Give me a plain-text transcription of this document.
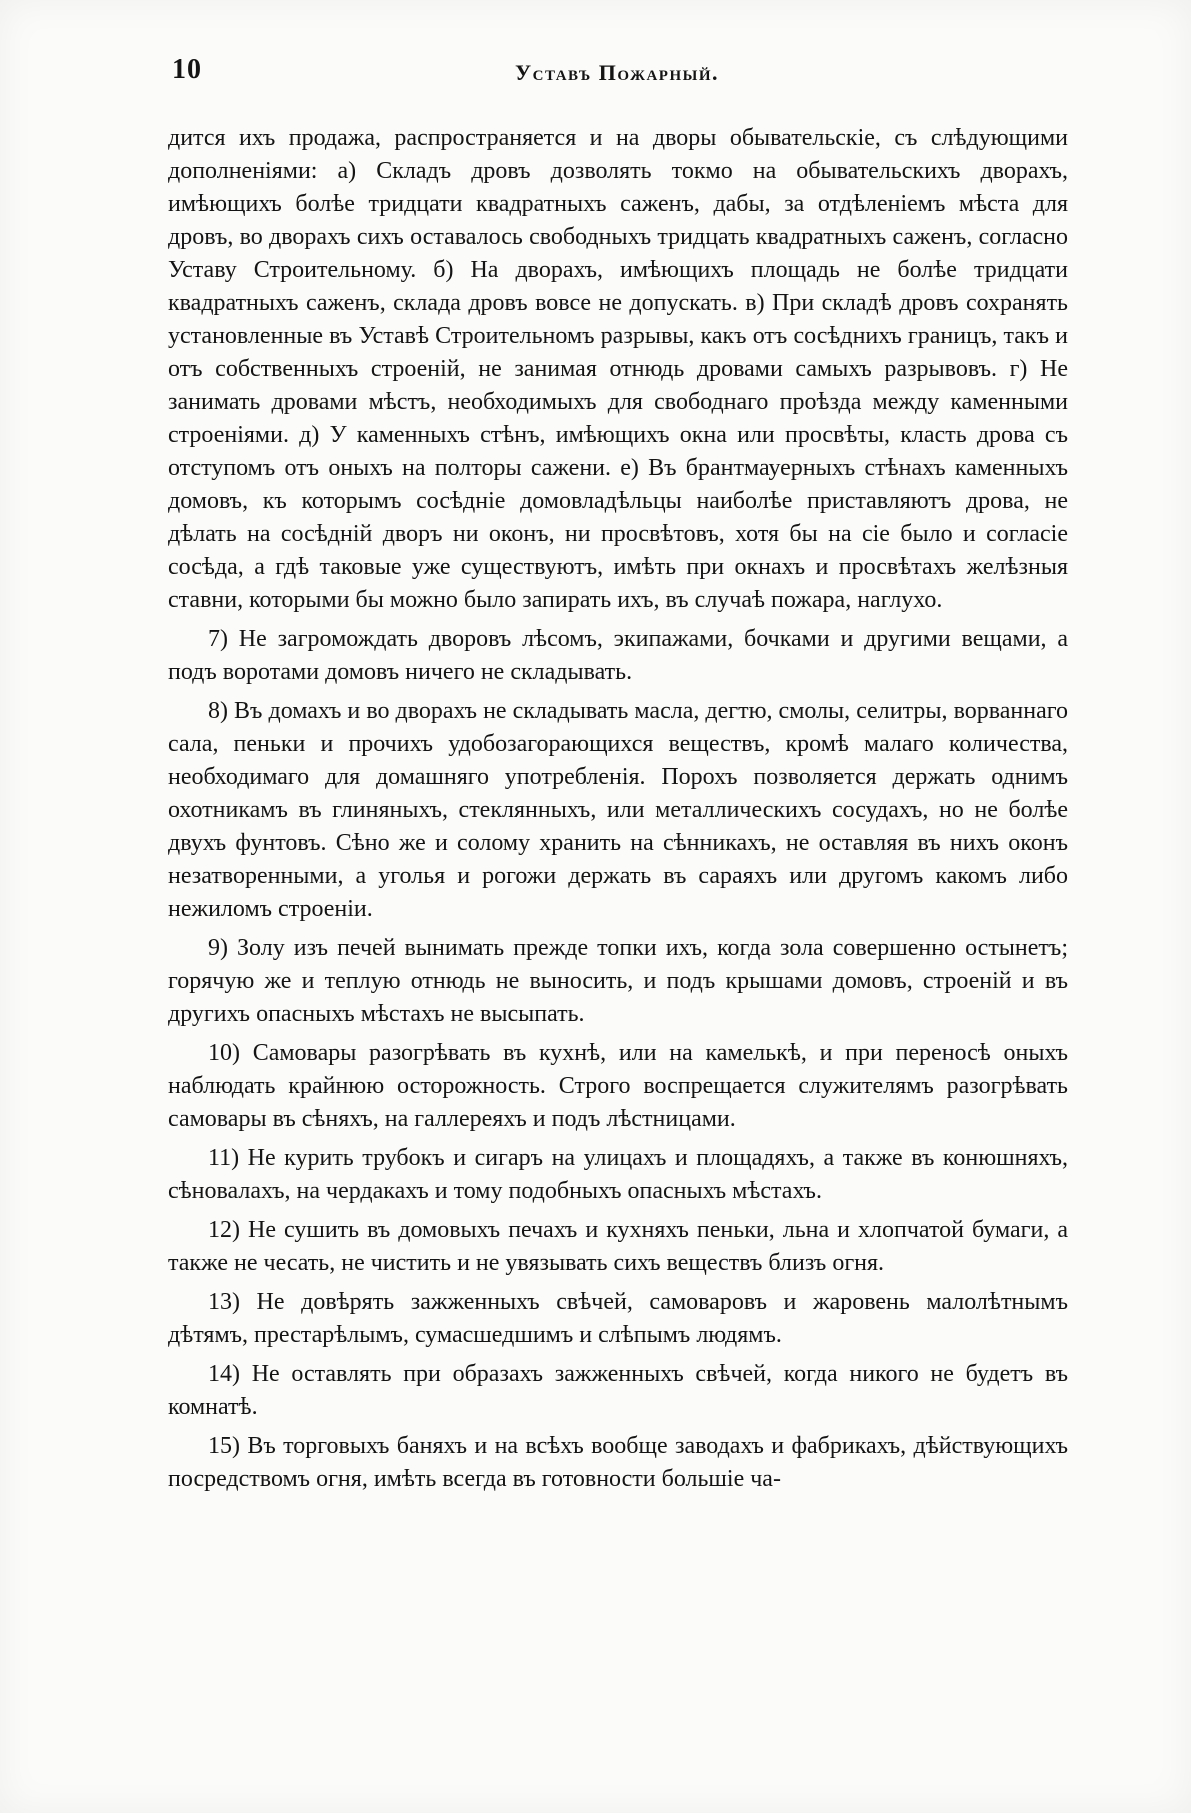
10	Уставъ Пожарный.

дится ихъ продажа, распространяется и на дворы обывательскіе, съ слѣдующими дополненіями: а) Складъ дровъ дозволять токмо на обывательскихъ дворахъ, имѣющихъ болѣе тридцати квадратныхъ саженъ, дабы, за отдѣленіемъ мѣста для дровъ, во дворахъ сихъ оставалось свободныхъ тридцать квадратныхъ саженъ, согласно Уставу Строительному. б) На дворахъ, имѣющихъ площадь не болѣе тридцати квадратныхъ саженъ, склада дровъ вовсе не допускать. в) При складѣ дровъ сохранять установленные въ Уставѣ Строительномъ разрывы, какъ отъ сосѣднихъ границъ, такъ и отъ собственныхъ строеній, не занимая отнюдь дровами самыхъ разрывовъ. г) Не занимать дровами мѣстъ, необходимыхъ для свободнаго проѣзда между каменными строеніями. д) У каменныхъ стѣнъ, имѣющихъ окна или просвѣты, класть дрова съ отступомъ отъ оныхъ на полторы сажени. е) Въ брантмауерныхъ стѣнахъ каменныхъ домовъ, къ которымъ сосѣдніе домовладѣльцы наиболѣе приставляютъ дрова, не дѣлать на сосѣдній дворъ ни оконъ, ни просвѣтовъ, хотя бы на сіе было и согласіе сосѣда, а гдѣ таковые уже существуютъ, имѣть при окнахъ и просвѣтахъ желѣзныя ставни, которыми бы можно было запирать ихъ, въ случаѣ пожара, наглухо.

7) Не загромождать дворовъ лѣсомъ, экипажами, бочками и другими вещами, а подъ воротами домовъ ничего не складывать.

8) Въ домахъ и во дворахъ не складывать масла, дегтю, смолы, селитры, ворваннаго сала, пеньки и прочихъ удобозагорающихся веществъ, кромѣ малаго количества, необходимаго для домашняго употребленія. Порохъ позволяется держать однимъ охотникамъ въ глиняныхъ, стеклянныхъ, или металлическихъ сосудахъ, но не болѣе двухъ фунтовъ. Сѣно же и солому хранить на сѣнникахъ, не оставляя въ нихъ оконъ незатворенными, а уголья и рогожи держать въ сараяхъ или другомъ какомъ либо нежиломъ строеніи.

9) Золу изъ печей вынимать прежде топки ихъ, когда зола совершенно остынетъ; горячую же и теплую отнюдь не выносить, и подъ крышами домовъ, строеній и въ другихъ опасныхъ мѣстахъ не высыпать.

10) Самовары разогрѣвать въ кухнѣ, или на камелькѣ, и при переносѣ оныхъ наблюдать крайнюю осторожность. Строго воспрещается служителямъ разогрѣвать самовары въ сѣняхъ, на галлереяхъ и подъ лѣстницами.

11) Не курить трубокъ и сигаръ на улицахъ и площадяхъ, а также въ конюшняхъ, сѣновалахъ, на чердакахъ и тому подобныхъ опасныхъ мѣстахъ.

12) Не сушить въ домовыхъ печахъ и кухняхъ пеньки, льна и хлопчатой бумаги, а также не чесать, не чистить и не увязывать сихъ веществъ близъ огня.

13) Не довѣрять зажженныхъ свѣчей, самоваровъ и жаровень малолѣтнымъ дѣтямъ, престарѣлымъ, сумасшедшимъ и слѣпымъ людямъ.

14) Не оставлять при образахъ зажженныхъ свѣчей, когда никого не будетъ въ комнатѣ.

15) Въ торговыхъ баняхъ и на всѣхъ вообще заводахъ и фабрикахъ, дѣйствующихъ посредствомъ огня, имѣть всегда въ готовности большіе ча-
